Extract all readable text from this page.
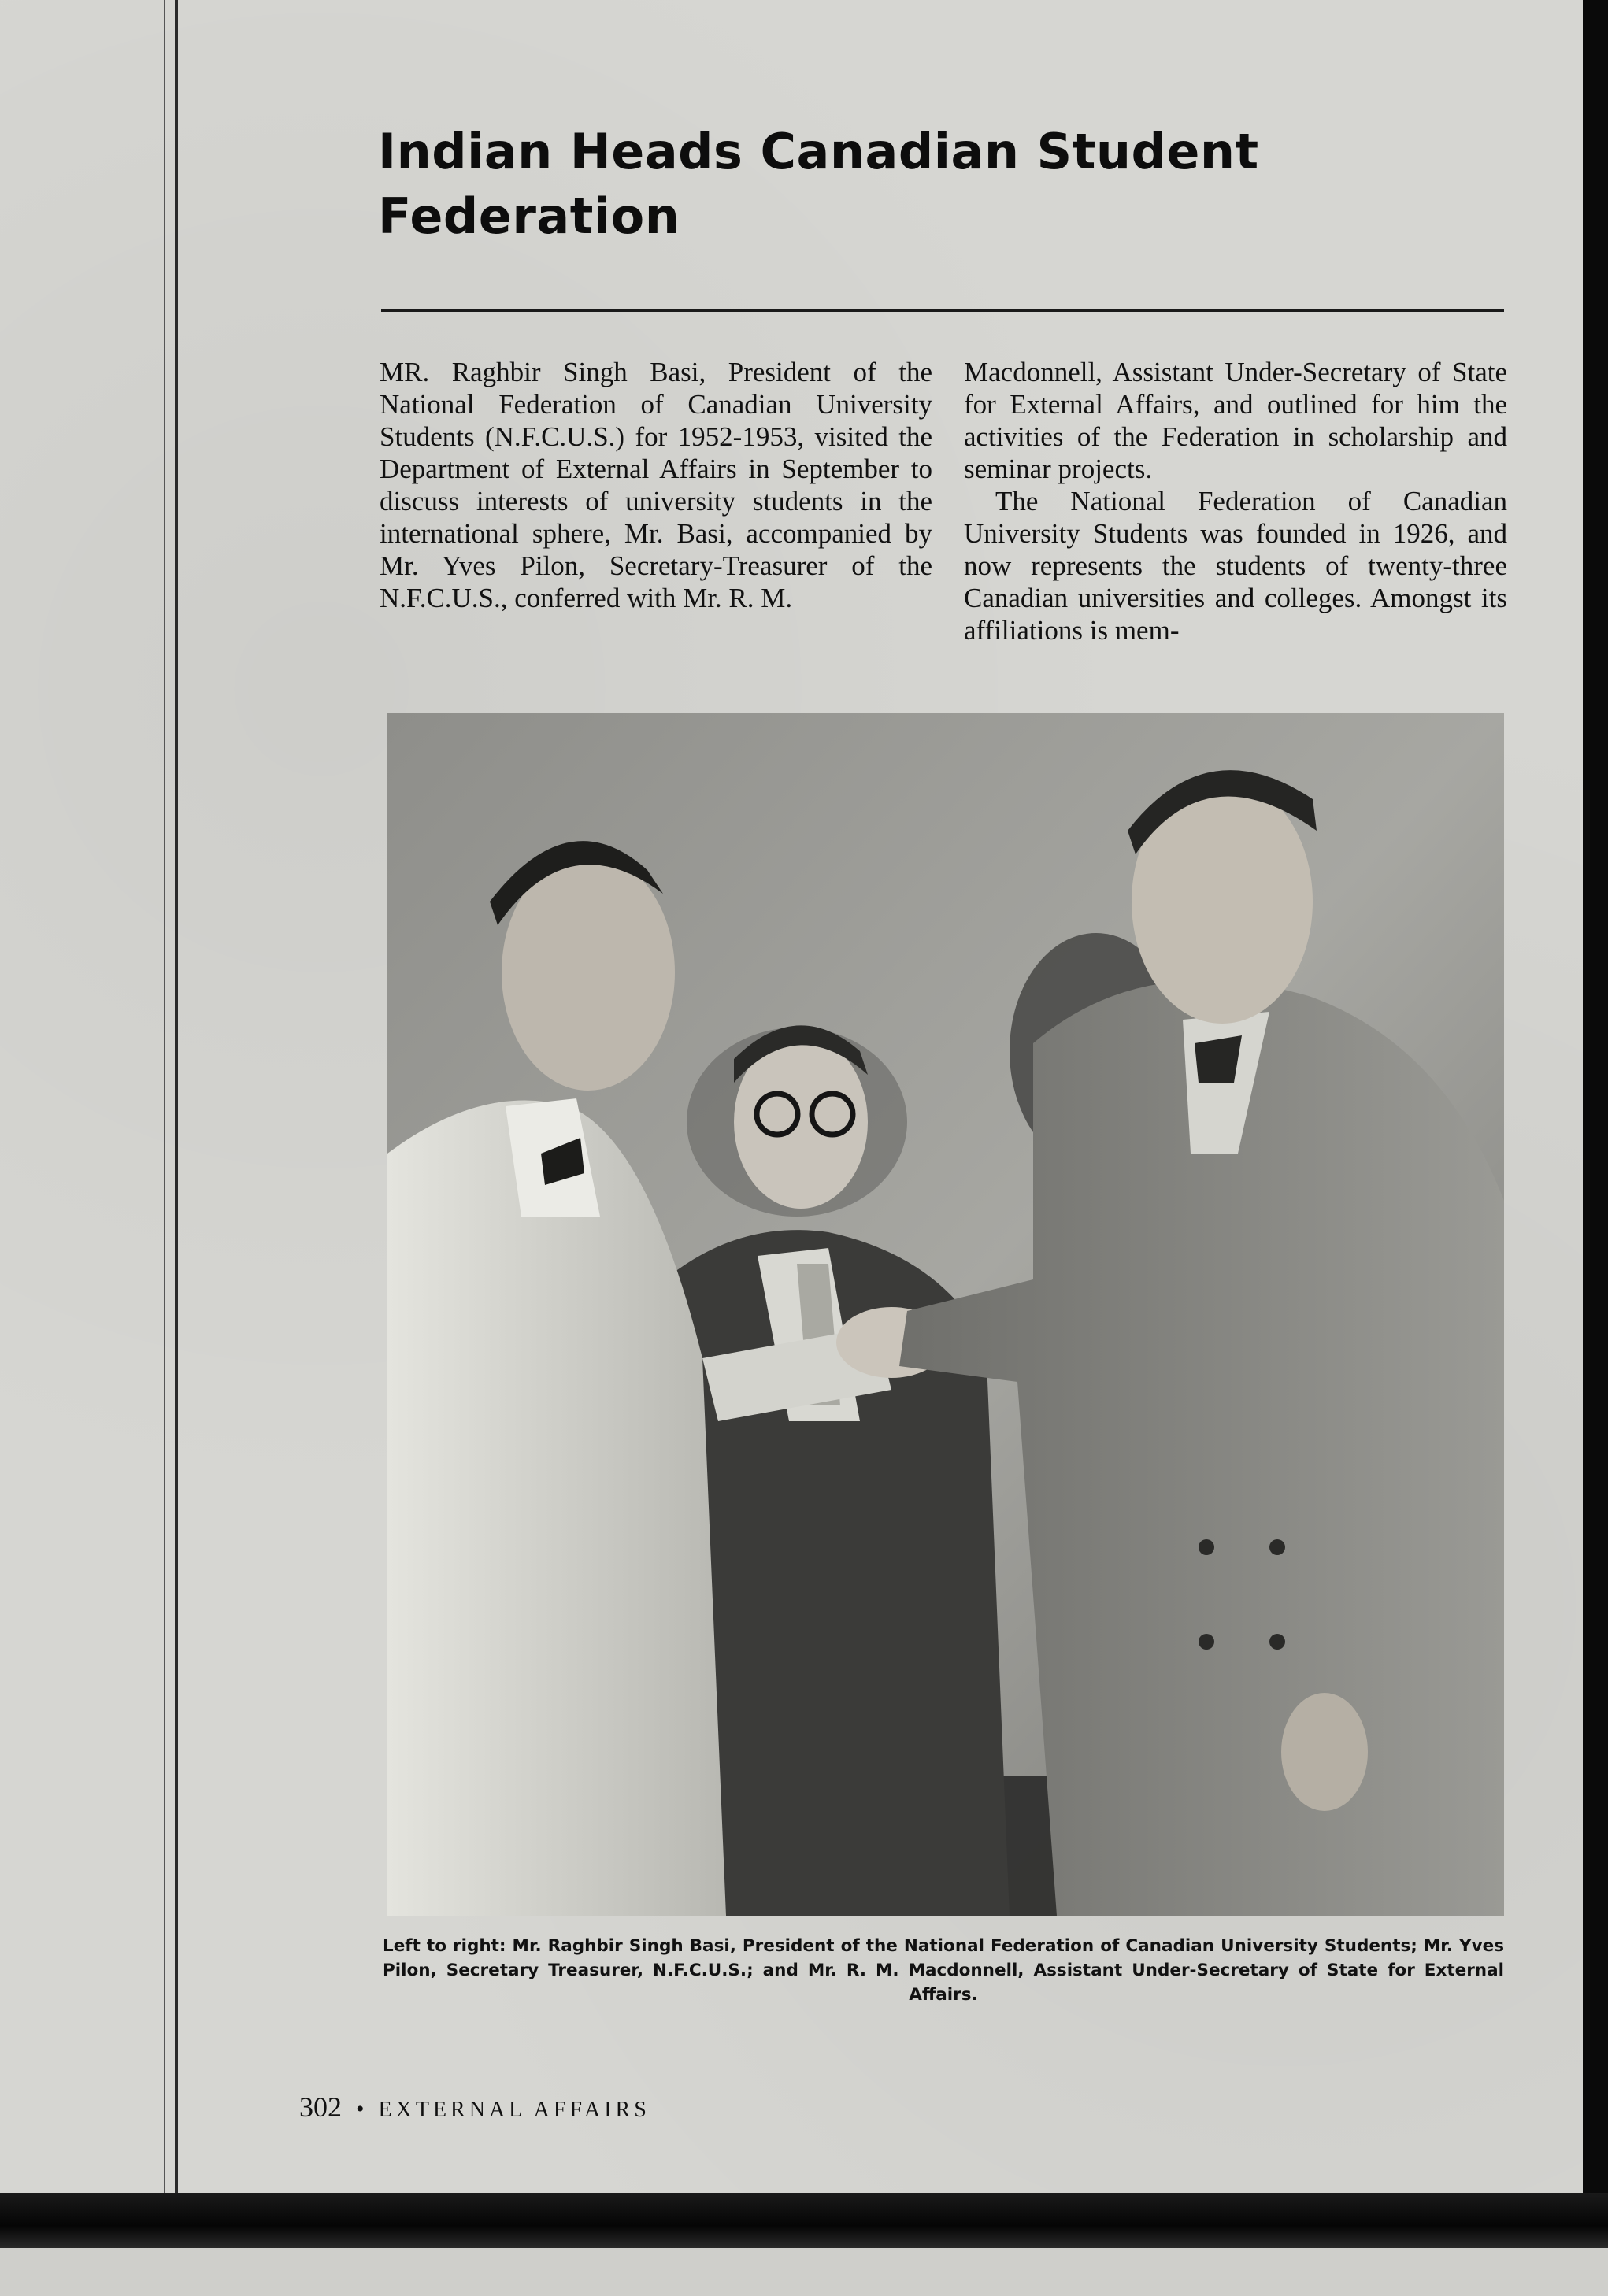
Indian Heads Canadian Student Federation

MR. Raghbir Singh Basi, President of the National Federation of Canadian University Students (N.F.C.U.S.) for 1952-1953, visited the Department of External Affairs in September to discuss interests of university students in the international sphere, Mr. Basi, accompanied by Mr. Yves Pilon, Secretary-Treasurer of the N.F.C.U.S., conferred with Mr. R. M.

Macdonnell, Assistant Under-Secretary of State for External Affairs, and outlined for him the activities of the Federation in scholarship and seminar projects.

The National Federation of Canadian University Students was founded in 1926, and now represents the students of twenty-three Canadian universities and colleges. Amongst its affiliations is mem-

Left to right: Mr. Raghbir Singh Basi, President of the National Federation of Canadian University Students; Mr. Yves Pilon, Secretary Treasurer, N.F.C.U.S.; and Mr. R. M. Macdonnell, Assistant Under-Secretary of State for External Affairs.

302 • EXTERNAL AFFAIRS
